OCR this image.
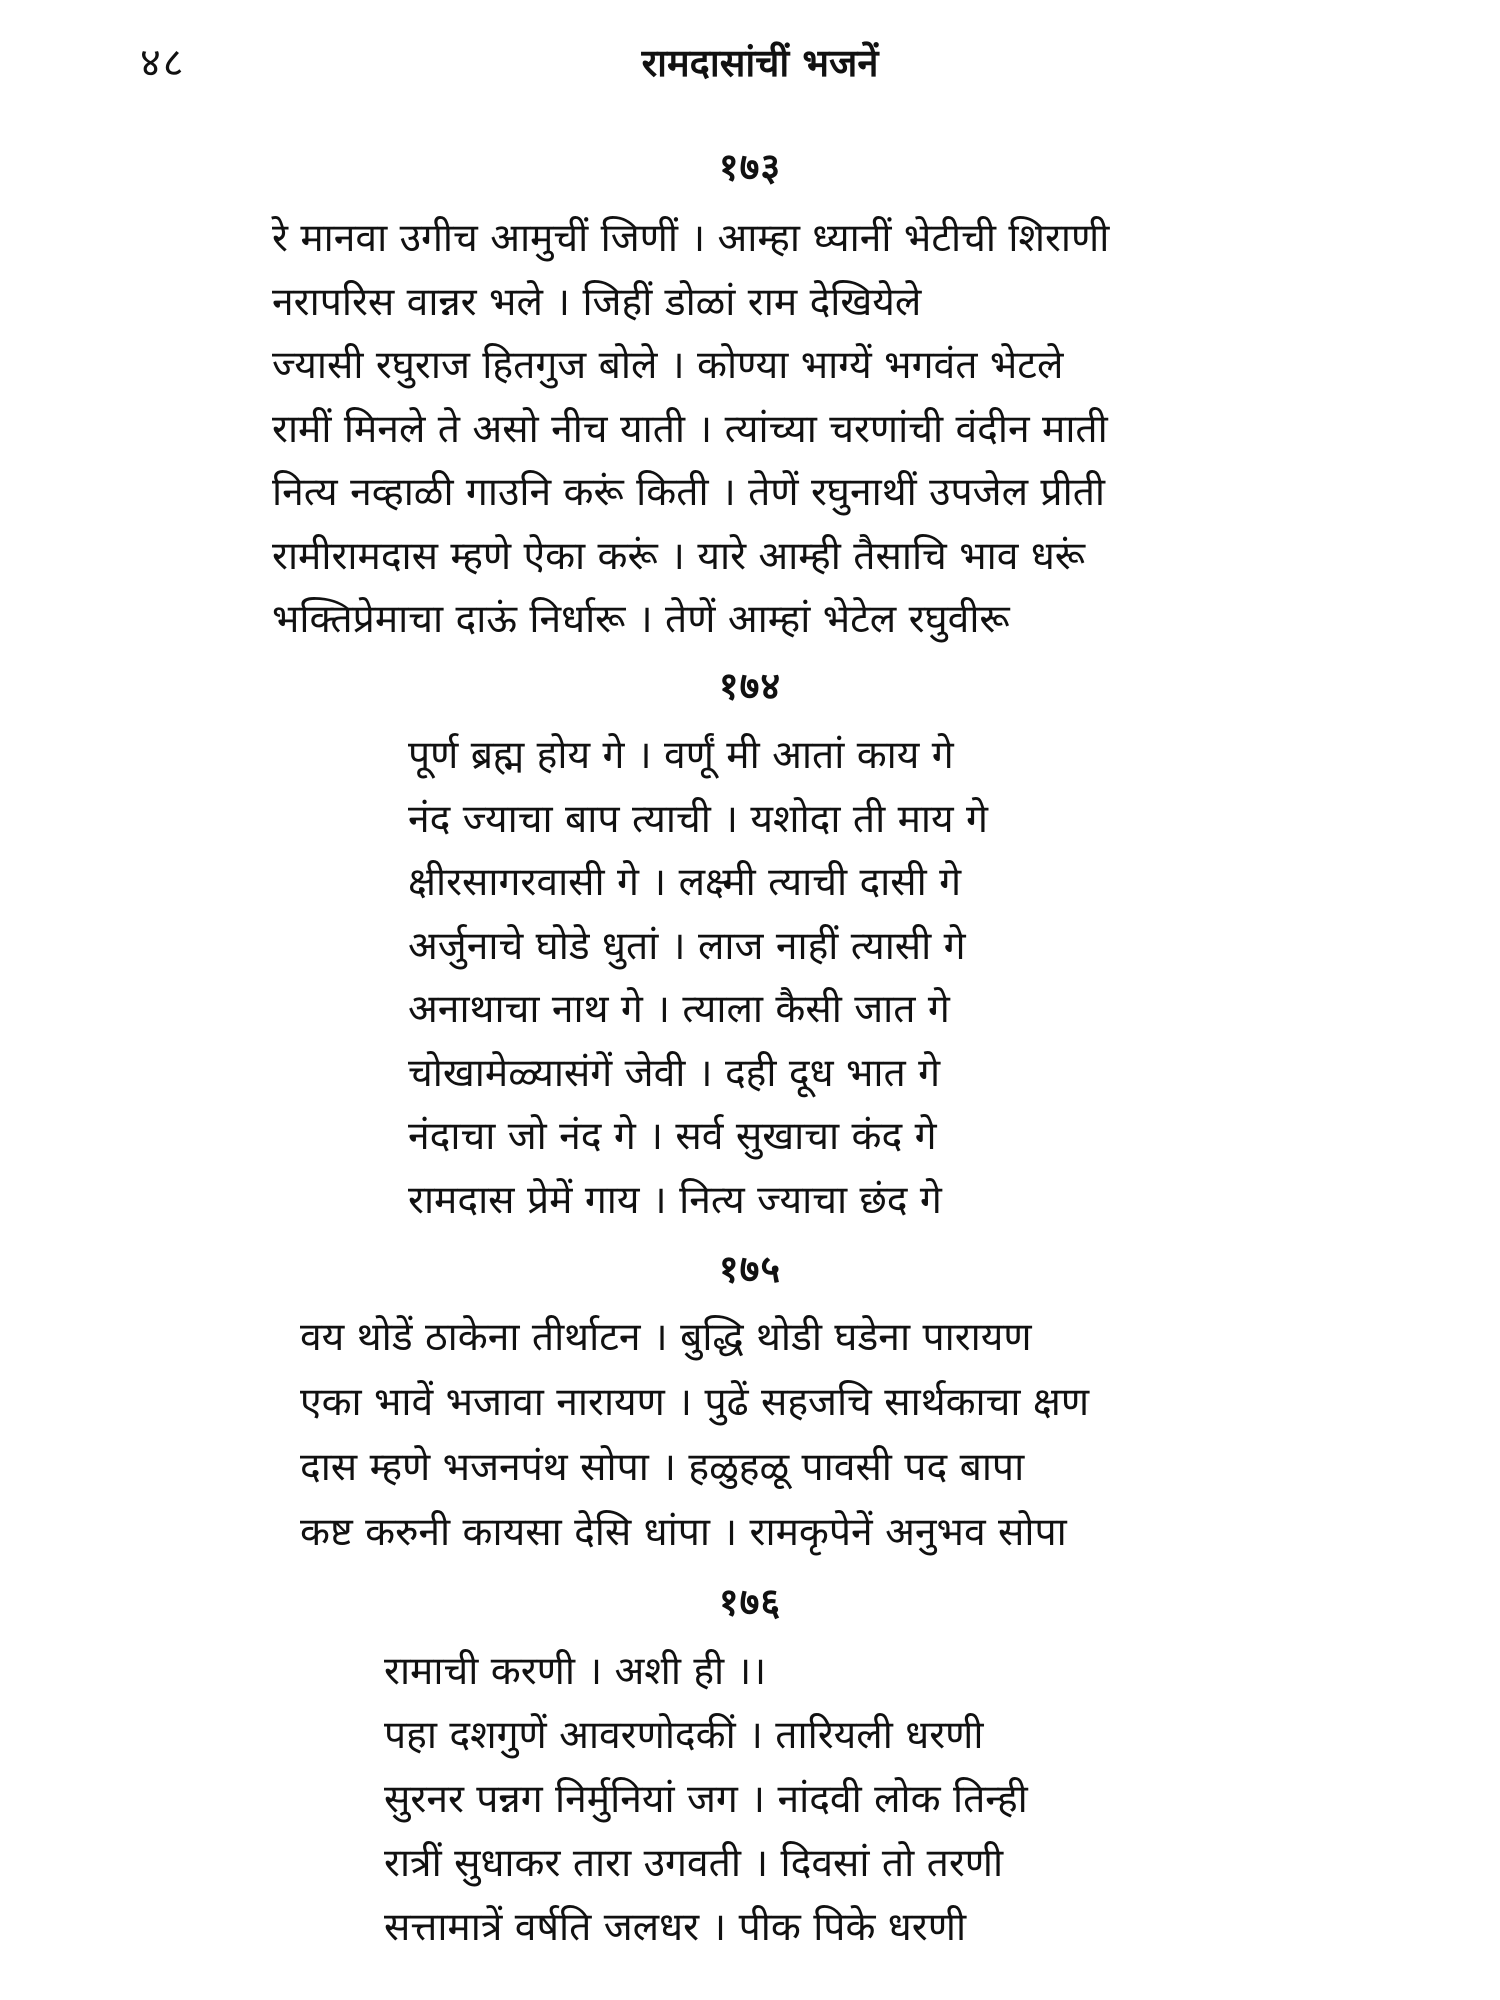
४८	रामदासांचीं भजनें
१७३
रे मानवा उगीच आमुचीं जिणीं । आम्हा ध्यानीं भेटीची शिराणी
नरापरिस वान्नर भले । जिहीं डोळां राम देखियेले
ज्यासी रघुराज हितगुज बोले । कोण्या भाग्यें भगवंत भेटले
रामीं मिनले ते असो नीच याती । त्यांच्या चरणांची वंदीन माती
नित्य नव्हाळी गाउनि करूं किती । तेणें रघुनाथीं उपजेल प्रीती
रामीरामदास म्हणे ऐका करूं । यारे आम्ही तैसाचि भाव धरूं
भक्तिप्रेमाचा दाऊं निर्धारू । तेणें आम्हां भेटेल रघुवीरू
१७४
पूर्ण ब्रह्म होय गे । वर्णूं मी आतां काय गे
नंद ज्याचा बाप त्याची । यशोदा ती माय गे
क्षीरसागरवासी गे । लक्ष्मी त्याची दासी गे
अर्जुनाचे घोडे धुतां । लाज नाहीं त्यासी गे
अनाथाचा नाथ गे । त्याला कैसी जात गे
चोखामेळ्यासंगें जेवी । दही दूध भात गे
नंदाचा जो नंद गे । सर्व सुखाचा कंद गे
रामदास प्रेमें गाय । नित्य ज्याचा छंद गे
१७५
वय थोडें ठाकेना तीर्थाटन । बुद्धि थोडी घडेना पारायण
एका भावें भजावा नारायण । पुढें सहजचि सार्थकाचा क्षण
दास म्हणे भजनपंथ सोपा । हळुहळू पावसी पद बापा
कष्ट करुनी कायसा देसि धांपा । रामकृपेनें अनुभव सोपा
१७६
रामाची करणी । अशी ही ।।
पहा दशगुणें आवरणोदकीं । तारियली धरणी
सुरनर पन्नग निर्मुनियां जग । नांदवी लोक तिन्ही
रात्रीं सुधाकर तारा उगवती । दिवसां तो तरणी
सत्तामात्रें वर्षति जलधर । पीक पिके धरणी
